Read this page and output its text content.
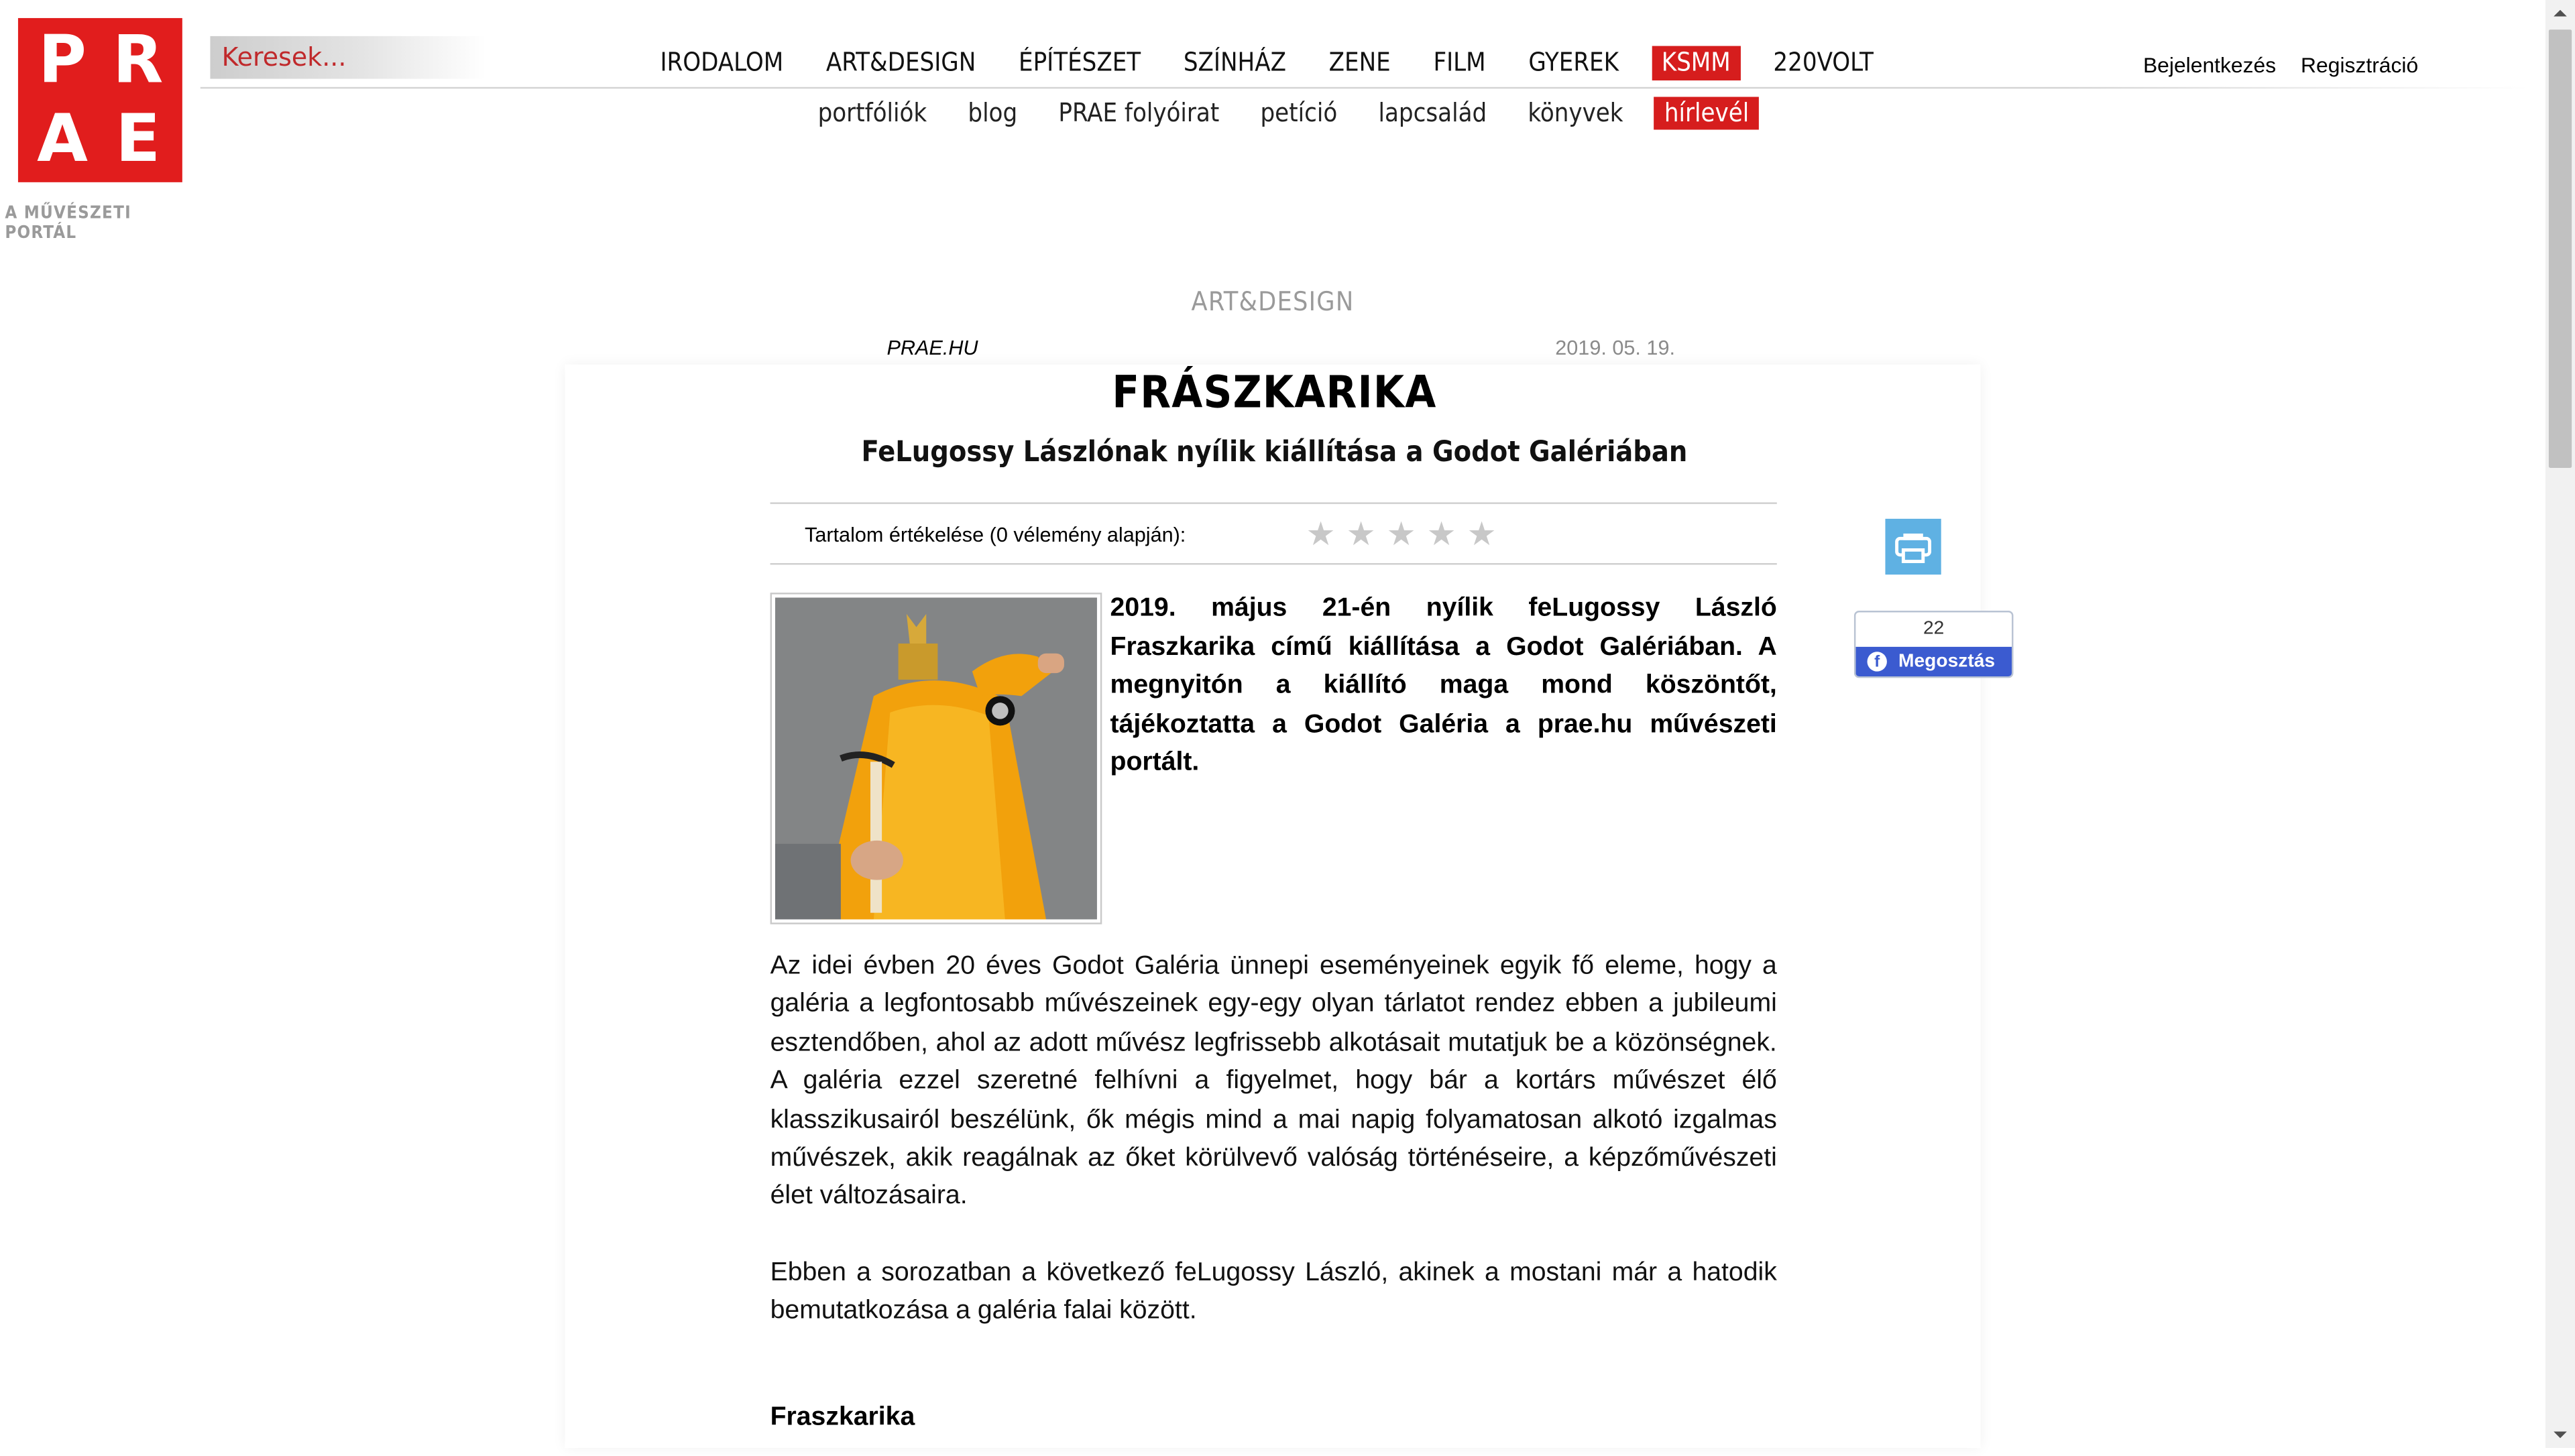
P R
A	E
A MŰVÉSZETI PORTÁL
Keresek...
IRODALOM	ART&DESIGN	ÉPÍTÉSZET	SZÍNHÁZ	ZENE	FILM	GYEREK	KSMM	220VOLT	Bejelentkezés	Regisztráció
portfóliók	blog	PRAE folyóirat	petíció	lapcsalád	könyvek	hírlevél
ART&DESIGN
PRAE.HU	2019. 05. 19.
FRÁSZKARIKA
FeLugossy Lászlónak nyílik kiállítása a Godot Galériában
Tartalom értékelése (0 vélemény alapján):	★ ★ ★ ★ ★
2019. május 21-én nyílik feLugossy László Fraszkarika című kiállítása a Godot Galériában. A megnyitón a kiállító maga mond köszöntőt, tájékoztatta a Godot Galéria a prae.hu művészeti portált.
Az idei évben 20 éves Godot Galéria ünnepi eseményeinek egyik fő eleme, hogy a galéria a legfontosabb művészeinek egy-egy olyan tárlatot rendez ebben a jubileumi esztendőben, ahol az adott művész legfrissebb alkotásait mutatjuk be a közönségnek. A galéria ezzel szeretné felhívni a figyelmet, hogy bár a kortárs művészet élő klasszikusairól beszélünk, ők mégis mind a mai napig folyamatosan alkotó izgalmas művészek, akik reagálnak az őket körülvevő valóság történéseire, a képzőművészeti élet változásaira.
Ebben a sorozatban a következő feLugossy László, akinek a mostani már a hatodik bemutatkozása a galéria falai között.
Fraszkarika
22
f	Megosztás
